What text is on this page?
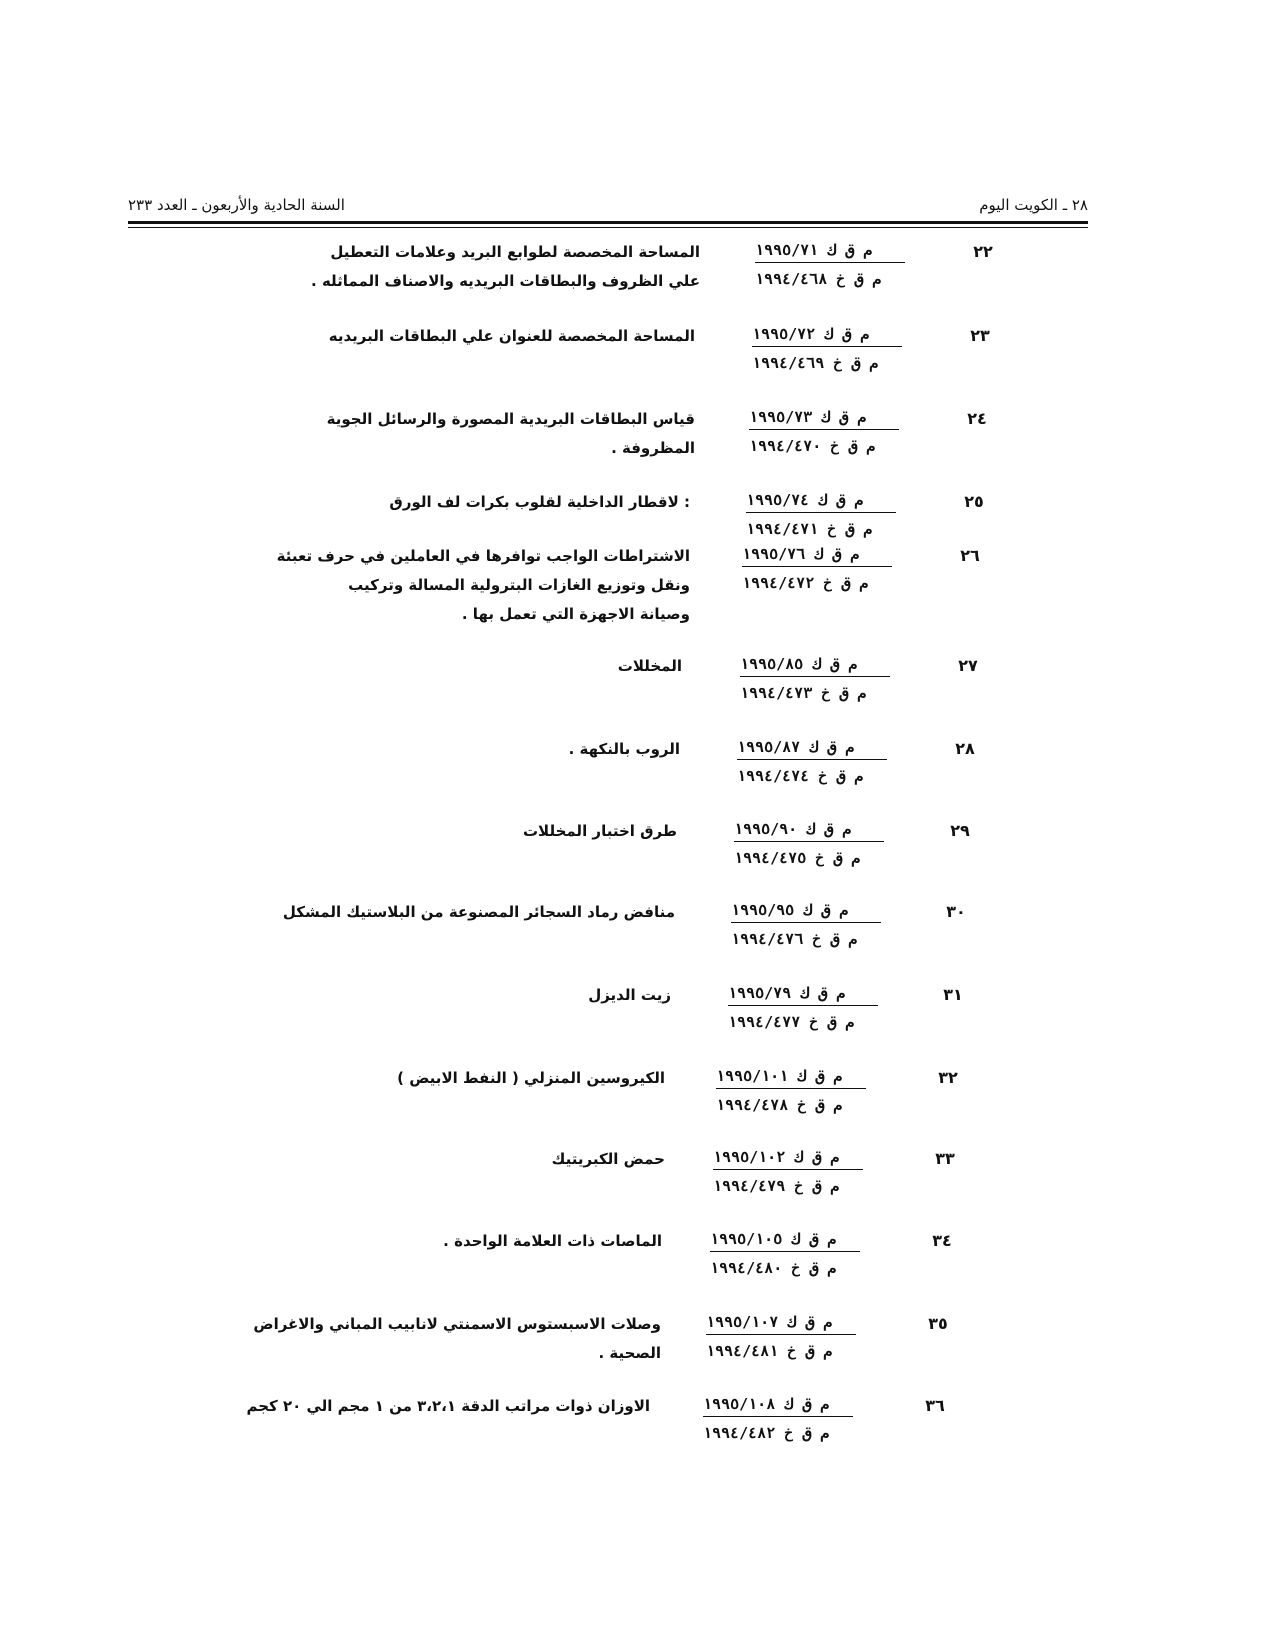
السنة الحادية والأربعون ـ العدد ٢٣٣	٢٨ ـ الكويت اليوم
٢٢
م ق ك ١٩٩٥/٧١
م ق خ ١٩٩٤/٤٦٨
المساحة المخصصة لطوابع البريد وعلامات التعطيل
علي الظروف والبطاقات البريديه والاصناف المماثله .
٢٣
م ق ك ١٩٩٥/٧٢
م ق خ ١٩٩٤/٤٦٩
المساحة المخصصة للعنوان علي البطاقات البريديه
٢٤
م ق ك ١٩٩٥/٧٣
م ق خ ١٩٩٤/٤٧٠
قياس البطاقات البريدية المصورة والرسائل الجوية
المظروفة .
٢٥
م ق ك ١٩٩٥/٧٤
م ق خ ١٩٩٤/٤٧١
: لاقطار الداخلية لقلوب بكرات لف الورق
٢٦
م ق ك ١٩٩٥/٧٦
م ق خ ١٩٩٤/٤٧٢
الاشتراطات الواجب توافرها في العاملين في حرف تعبئة
ونقل وتوزيع الغازات البترولية المسالة وتركيب
وصيانة الاجهزة التي تعمل بها .
٢٧
م ق ك ١٩٩٥/٨٥
م ق خ ١٩٩٤/٤٧٣
المخللات
٢٨
م ق ك ١٩٩٥/٨٧
م ق خ ١٩٩٤/٤٧٤
الروب بالنكهة .
٢٩
م ق ك ١٩٩٥/٩٠
م ق خ ١٩٩٤/٤٧٥
طرق اختبار المخللات
٣٠
م ق ك ١٩٩٥/٩٥
م ق خ ١٩٩٤/٤٧٦
منافض رماد السجائر المصنوعة من البلاستيك المشكل
٣١
م ق ك ١٩٩٥/٧٩
م ق خ ١٩٩٤/٤٧٧
زيت الديزل
٣٢
م ق ك ١٩٩٥/١٠١
م ق خ ١٩٩٤/٤٧٨
الكيروسين المنزلي ( النفط الابيض )
٣٣
م ق ك ١٩٩٥/١٠٢
م ق خ ١٩٩٤/٤٧٩
حمض الكبريتيك
٣٤
م ق ك ١٩٩٥/١٠٥
م ق خ ١٩٩٤/٤٨٠
الماصات ذات العلامة الواحدة .
٣٥
م ق ك ١٩٩٥/١٠٧
م ق خ ١٩٩٤/٤٨١
وصلات الاسبستوس الاسمنتي لانابيب المباني والاغراض
الصحية .
٣٦
م ق ك ١٩٩٥/١٠٨
م ق خ ١٩٩٤/٤٨٢
الاوزان ذوات مراتب الدقة ٣،٢،١ من ١ مجم الي ٢٠ كجم
